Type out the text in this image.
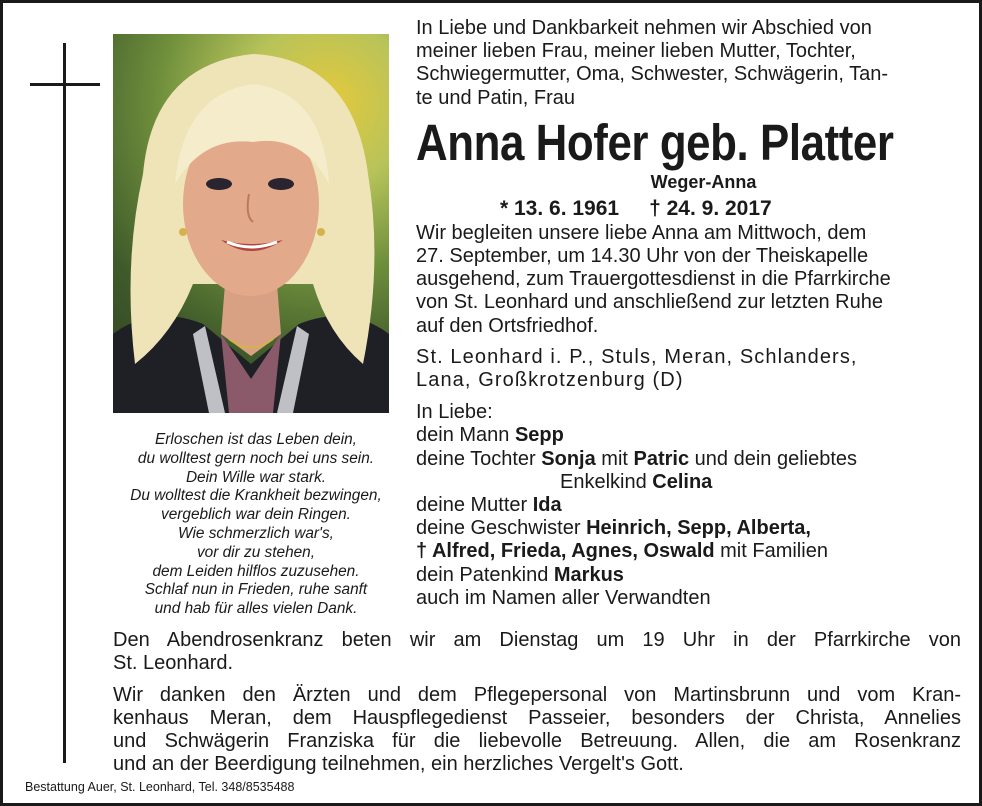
Erloschen ist das Leben dein,
du wolltest gern noch bei uns sein.
Dein Wille war stark.
Du wolltest die Krankheit bezwingen,
vergeblich war dein Ringen.
Wie schmerzlich war's,
vor dir zu stehen,
dem Leiden hilflos zuzusehen.
Schlaf nun in Frieden, ruhe sanft
und hab für alles vielen Dank.
In Liebe und Dankbarkeit nehmen wir Abschied von
meiner lieben Frau, meiner lieben Mutter, Tochter,
Schwiegermutter, Oma, Schwester, Schwägerin, Tan-
te und Patin, Frau
Anna Hofer geb. Platter
Weger-Anna
* 13. 6. 1961 † 24. 9. 2017
Wir begleiten unsere liebe Anna am Mittwoch, dem
27. September, um 14.30 Uhr von der Theiskapelle
ausgehend, zum Trauergottesdienst in die Pfarrkirche
von St. Leonhard und anschließend zur letzten Ruhe
auf den Ortsfriedhof.
St. Leonhard i. P., Stuls, Meran, Schlanders,
Lana, Großkrotzenburg (D)
In Liebe:
dein Mann Sepp
deine Tochter Sonja mit Patric und dein geliebtes
Enkelkind Celina
deine Mutter Ida
deine Geschwister Heinrich, Sepp, Alberta,
† Alfred, Frieda, Agnes, Oswald mit Familien
dein Patenkind Markus
auch im Namen aller Verwandten

Den Abendrosenkranz beten wir am Dienstag um 19 Uhr in der Pfarrkirche von
St. Leonhard.

Wir danken den Ärzten und dem Pflegepersonal von Martinsbrunn und vom Kran-
kenhaus Meran, dem Hauspflegedienst Passeier, besonders der Christa, Annelies
und Schwägerin Franziska für die liebevolle Betreuung. Allen, die am Rosenkranz
und an der Beerdigung teilnehmen, ein herzliches Vergelt's Gott.

Bestattung Auer, St. Leonhard, Tel. 348/8535488
